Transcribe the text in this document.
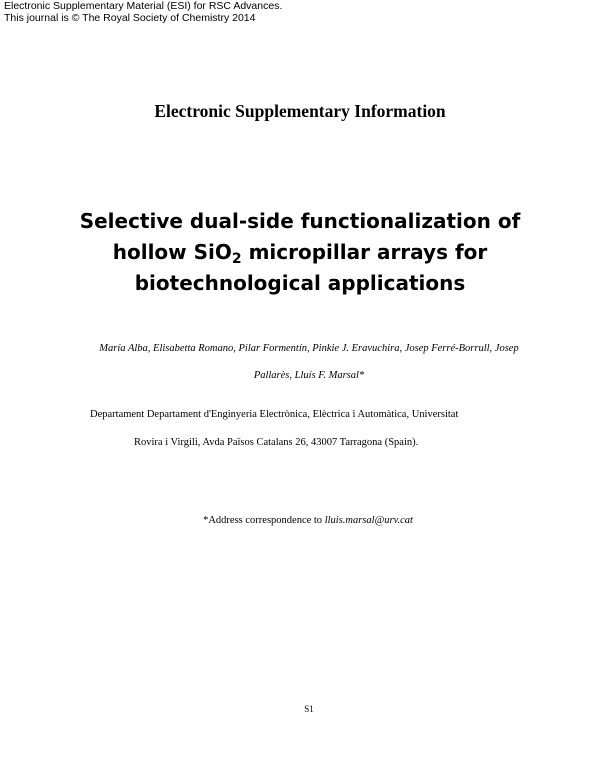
Electronic Supplementary Material (ESI) for RSC Advances.
This journal is © The Royal Society of Chemistry 2014
Electronic Supplementary Information
Selective dual-side functionalization of
hollow SiO$_2$ micropillar arrays for
biotechnological applications
María Alba, Elisabetta Romano, Pilar Formentín, Pinkie J. Eravuchira, Josep Ferré-Borrull, Josep
Pallarès, Lluís F. Marsal*
Departament Departament d'Enginyeria Electrònica, Elèctrica i Automàtica, Universitat
Rovira i Virgili, Avda Països Catalans 26, 43007 Tarragona (Spain).
*Address correspondence to lluis.marsal@urv.cat
S1
